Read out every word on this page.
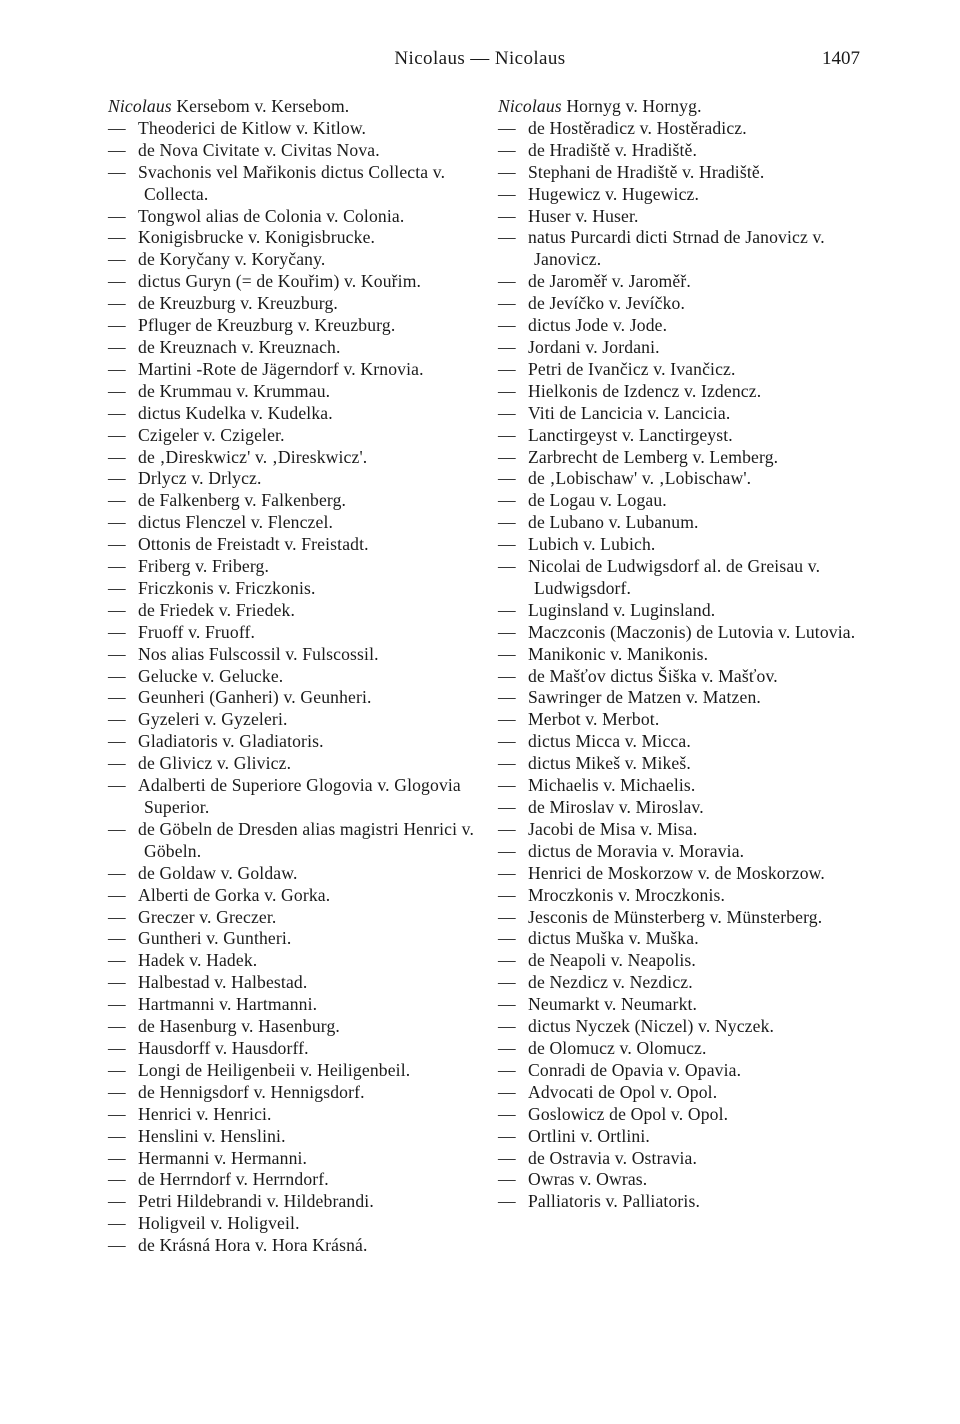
Nicolaus — Nicolaus	1407

Nicolaus Kersebom v. Kersebom.

— Theoderici de Kitlow v. Kitlow.

— de Nova Civitate v. Civitas Nova.

— Svachonis vel Mařikonis dictus Collecta v. Collecta.

— Tongwol alias de Colonia v. Colonia.

— Konigisbrucke v. Konigisbrucke.

— de Koryčany v. Koryčany.

— dictus Guryn (= de Kouřim) v. Kouřim.

— de Kreuzburg v. Kreuzburg.

— Pfluger de Kreuzburg v. Kreuzburg.

— de Kreuznach v. Kreuznach.

— Martini -Rote de Jägerndorf v. Krnovia.

— de Krummau v. Krummau.

— dictus Kudelka v. Kudelka.

— Czigeler v. Czigeler.

— de ‚Direskwicz' v. ‚Direskwicz'.

— Drlycz v. Drlycz.

— de Falkenberg v. Falkenberg.

— dictus Flenczel v. Flenczel.

— Ottonis de Freistadt v. Freistadt.

— Friberg v. Friberg.

— Friczkonis v. Friczkonis.

— de Friedek v. Friedek.

— Fruoff v. Fruoff.

— Nos alias Fulscossil v. Fulscossil.

— Gelucke v. Gelucke.

— Geunheri (Ganheri) v. Geunheri.

— Gyzeleri v. Gyzeleri.

— Gladiatoris v. Gladiatoris.

— de Glivicz v. Glivicz.

— Adalberti de Superiore Glogovia v. Glogovia Superior.

— de Göbeln de Dresden alias magistri Henrici v. Göbeln.

— de Goldaw v. Goldaw.

— Alberti de Gorka v. Gorka.

— Greczer v. Greczer.

— Guntheri v. Guntheri.

— Hadek v. Hadek.

— Halbestad v. Halbestad.

— Hartmanni v. Hartmanni.

— de Hasenburg v. Hasenburg.

— Hausdorff v. Hausdorff.

— Longi de Heiligenbeii v. Heiligenbeil.

— de Hennigsdorf v. Hennigsdorf.

— Henrici v. Henrici.

— Henslini v. Henslini.

— Hermanni v. Hermanni.

— de Herrndorf v. Herrndorf.

— Petri Hildebrandi v. Hildebrandi.

— Holigveil v. Holigveil.

— de Krásná Hora v. Hora Krásná.

Nicolaus Hornyg v. Hornyg.

— de Hostěradicz v. Hostěradicz.

— de Hradiště v. Hradiště.

— Stephani de Hradiště v. Hradiště.

— Hugewicz v. Hugewicz.

— Huser v. Huser.

— natus Purcardi dicti Strnad de Janovicz v. Janovicz.

— de Jaroměř v. Jaroměř.

— de Jevíčko v. Jevíčko.

— dictus Jode v. Jode.

— Jordani v. Jordani.

— Petri de Ivančicz v. Ivančicz.

— Hielkonis de Izdencz v. Izdencz.

— Viti de Lancicia v. Lancicia.

— Lanctirgeyst v. Lanctirgeyst.

— Zarbrecht de Lemberg v. Lemberg.

— de ‚Lobischaw' v. ‚Lobischaw'.

— de Logau v. Logau.

— de Lubano v. Lubanum.

— Lubich v. Lubich.

— Nicolai de Ludwigsdorf al. de Greisau v. Ludwigsdorf.

— Luginsland v. Luginsland.

— Maczconis (Maczonis) de Lutovia v. Lutovia.

— Manikonic v. Manikonis.

— de Mašťov dictus Šiška v. Mašťov.

— Sawringer de Matzen v. Matzen.

— Merbot v. Merbot.

— dictus Micca v. Micca.

— dictus Mikeš v. Mikeš.

— Michaelis v. Michaelis.

— de Miroslav v. Miroslav.

— Jacobi de Misa v. Misa.

— dictus de Moravia v. Moravia.

— Henrici de Moskorzow v. de Moskorzow.

— Mroczkonis v. Mroczkonis.

— Jesconis de Münsterberg v. Münsterberg.

— dictus Muška v. Muška.

— de Neapoli v. Neapolis.

— de Nezdicz v. Nezdicz.

— Neumarkt v. Neumarkt.

— dictus Nyczek (Niczel) v. Nyczek.

— de Olomucz v. Olomucz.

— Conradi de Opavia v. Opavia.

— Advocati de Opol v. Opol.

— Goslowicz de Opol v. Opol.

— Ortlini v. Ortlini.

— de Ostravia v. Ostravia.

— Owras v. Owras.

— Palliatoris v. Palliatoris.
